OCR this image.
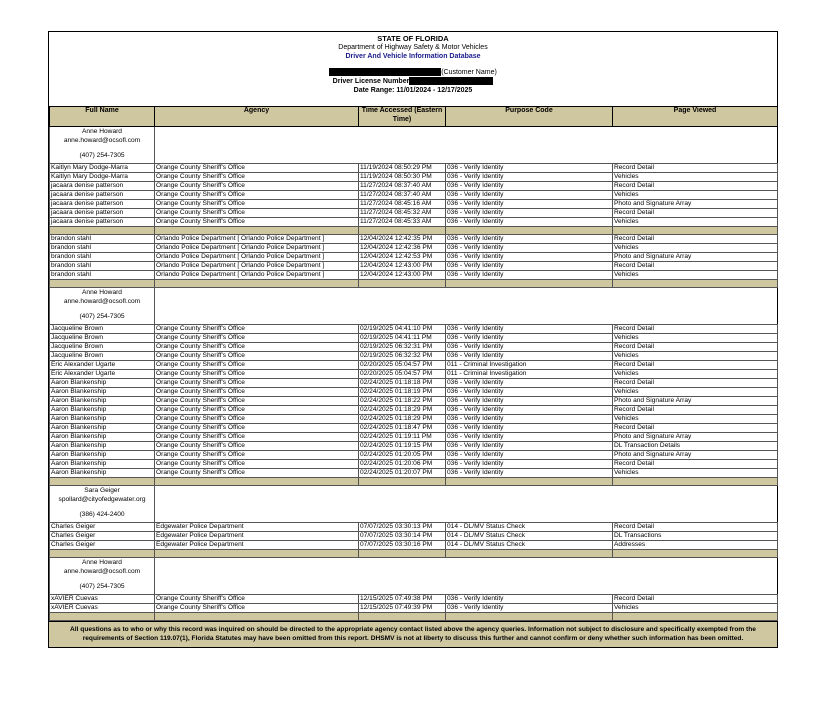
STATE OF FLORIDA
Department of Highway Safety & Motor Vehicles
Driver And Vehicle Information Database
(Customer Name)
Driver License Number
Date Range: 11/01/2024 - 12/17/2025
Full Name	Agency	Time Accessed (Eastern Time)	Purpose Code	Page Viewed

Anne Howard
anne.howard@ocsofl.com
(407) 254-7305				

Kaitlyn Mary Dodge-Marra	Orange County Sheriff's Office	11/19/2024 08:50:29 PM	036 - Verify Identity	Record Detail
Kaitlyn Mary Dodge-Marra	Orange County Sheriff's Office	11/19/2024 08:50:30 PM	036 - Verify Identity	Vehicles
jacaara denise patterson	Orange County Sheriff's Office	11/27/2024 08:37:40 AM	036 - Verify Identity	Record Detail
jacaara denise patterson	Orange County Sheriff's Office	11/27/2024 08:37:40 AM	036 - Verify Identity	Vehicles
jacaara denise patterson	Orange County Sheriff's Office	11/27/2024 08:45:16 AM	036 - Verify Identity	Photo and Signature Array
jacaara denise patterson	Orange County Sheriff's Office	11/27/2024 08:45:32 AM	036 - Verify Identity	Record Detail
jacaara denise patterson	Orange County Sheriff's Office	11/27/2024 08:45:33 AM	036 - Verify Identity	Vehicles

brandon stahl	Orlando Police Department [ Orlando Police Department ]	12/04/2024 12:42:35 PM	036 - Verify Identity	Record Detail
brandon stahl	Orlando Police Department [ Orlando Police Department ]	12/04/2024 12:42:36 PM	036 - Verify Identity	Vehicles
brandon stahl	Orlando Police Department [ Orlando Police Department ]	12/04/2024 12:42:53 PM	036 - Verify Identity	Photo and Signature Array
brandon stahl	Orlando Police Department [ Orlando Police Department ]	12/04/2024 12:43:00 PM	036 - Verify Identity	Record Detail
brandon stahl	Orlando Police Department [ Orlando Police Department ]	12/04/2024 12:43:00 PM	036 - Verify Identity	Vehicles

Anne Howard
anne.howard@ocsofl.com
(407) 254-7305				

Jacqueline Brown	Orange County Sheriff's Office	02/19/2025 04:41:10 PM	036 - Verify Identity	Record Detail
Jacqueline Brown	Orange County Sheriff's Office	02/19/2025 04:41:11 PM	036 - Verify Identity	Vehicles
Jacqueline Brown	Orange County Sheriff's Office	02/19/2025 06:32:31 PM	036 - Verify Identity	Record Detail
Jacqueline Brown	Orange County Sheriff's Office	02/19/2025 06:32:32 PM	036 - Verify Identity	Vehicles
Eric Alexander Ugarte	Orange County Sheriff's Office	02/20/2025 05:04:57 PM	011 - Criminal Investigation	Record Detail
Eric Alexander Ugarte	Orange County Sheriff's Office	02/20/2025 05:04:57 PM	011 - Criminal Investigation	Vehicles
Aaron Blankenship	Orange County Sheriff's Office	02/24/2025 01:18:18 PM	036 - Verify Identity	Record Detail
Aaron Blankenship	Orange County Sheriff's Office	02/24/2025 01:18:19 PM	036 - Verify Identity	Vehicles
Aaron Blankenship	Orange County Sheriff's Office	02/24/2025 01:18:22 PM	036 - Verify Identity	Photo and Signature Array
Aaron Blankenship	Orange County Sheriff's Office	02/24/2025 01:18:29 PM	036 - Verify Identity	Record Detail
Aaron Blankenship	Orange County Sheriff's Office	02/24/2025 01:18:29 PM	036 - Verify Identity	Vehicles
Aaron Blankenship	Orange County Sheriff's Office	02/24/2025 01:18:47 PM	036 - Verify Identity	Record Detail
Aaron Blankenship	Orange County Sheriff's Office	02/24/2025 01:19:11 PM	036 - Verify Identity	Photo and Signature Array
Aaron Blankenship	Orange County Sheriff's Office	02/24/2025 01:19:15 PM	036 - Verify Identity	DL Transaction Details
Aaron Blankenship	Orange County Sheriff's Office	02/24/2025 01:20:05 PM	036 - Verify Identity	Photo and Signature Array
Aaron Blankenship	Orange County Sheriff's Office	02/24/2025 01:20:06 PM	036 - Verify Identity	Record Detail
Aaron Blankenship	Orange County Sheriff's Office	02/24/2025 01:20:07 PM	036 - Verify Identity	Vehicles

Sara Geiger
spollard@cityofedgewater.org
(386) 424-2400				

Charles Geiger	Edgewater Police Department	07/07/2025 03:30:13 PM	014 - DL/MV Status Check	Record Detail
Charles Geiger	Edgewater Police Department	07/07/2025 03:30:14 PM	014 - DL/MV Status Check	DL Transactions
Charles Geiger	Edgewater Police Department	07/07/2025 03:30:16 PM	014 - DL/MV Status Check	Addresses

Anne Howard
anne.howard@ocsofl.com
(407) 254-7305				

xAVIER Cuevas	Orange County Sheriff's Office	12/15/2025 07:49:38 PM	036 - Verify Identity	Record Detail
xAVIER Cuevas	Orange County Sheriff's Office	12/15/2025 07:49:39 PM	036 - Verify Identity	Vehicles

All questions as to who or why this record was inquired on should be directed to the appropriate agency contact listed above the agency queries. Information not subject to disclosure and specifically exempted from the requirements of Section 119.07(1), Florida Statutes may have been omitted from this report. DHSMV is not at liberty to discuss this further and cannot confirm or deny whether such information has been omitted.
